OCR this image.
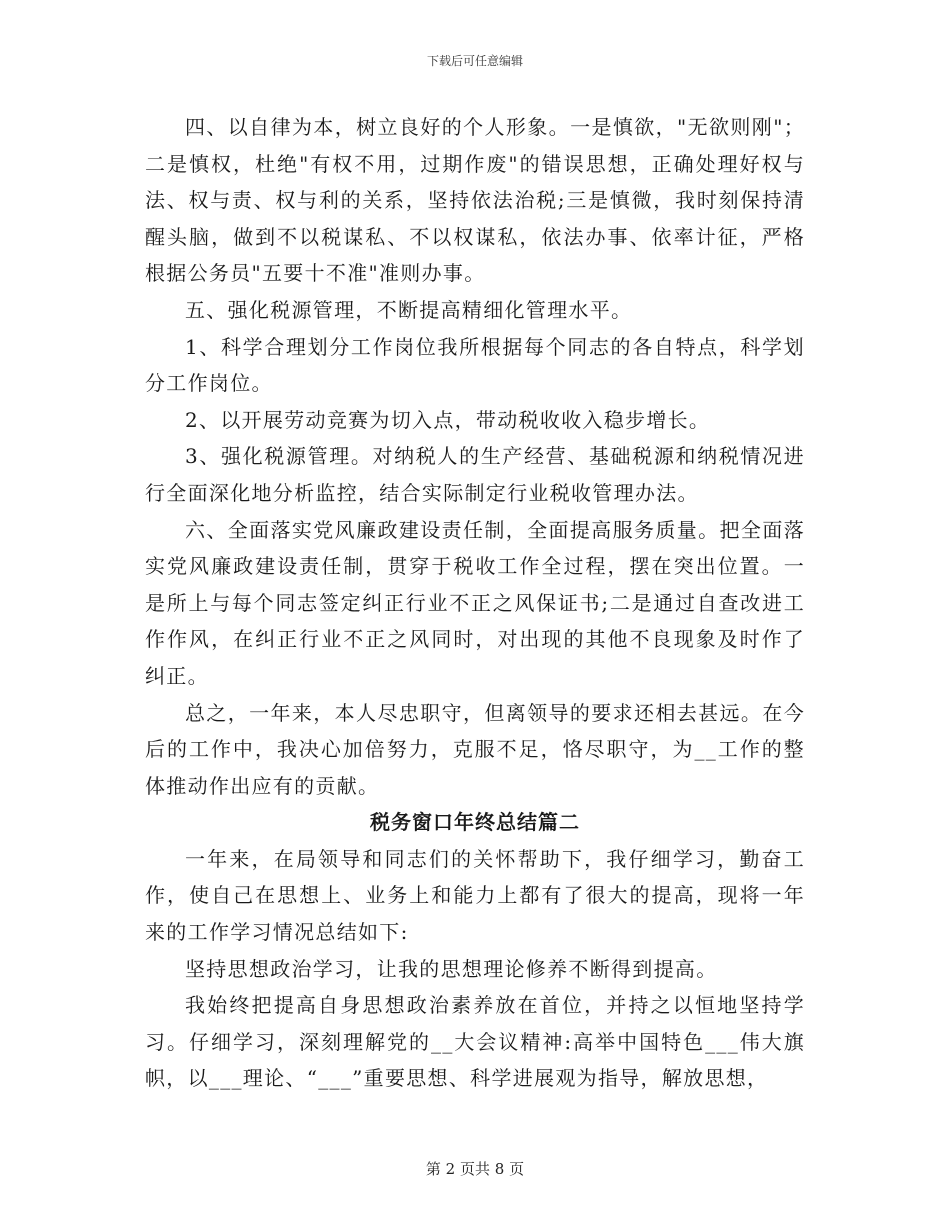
下载后可任意编辑

四、以自律为本，树立良好的个人形象。一是慎欲，"无欲则刚"；二是慎权，杜绝"有权不用，过期作废"的错误思想，正确处理好权与法、权与责、权与利的关系，坚持依法治税;三是慎微，我时刻保持清醒头脑，做到不以税谋私、不以权谋私，依法办事、依率计征，严格根据公务员"五要十不准"准则办事。

五、强化税源管理，不断提高精细化管理水平。

1、科学合理划分工作岗位我所根据每个同志的各自特点，科学划分工作岗位。

2、以开展劳动竞赛为切入点，带动税收收入稳步增长。

3、强化税源管理。对纳税人的生产经营、基础税源和纳税情况进行全面深化地分析监控，结合实际制定行业税收管理办法。

六、全面落实党风廉政建设责任制，全面提高服务质量。把全面落实党风廉政建设责任制，贯穿于税收工作全过程，摆在突出位置。一是所上与每个同志签定纠正行业不正之风保证书;二是通过自查改进工作作风，在纠正行业不正之风同时，对出现的其他不良现象及时作了纠正。

总之，一年来，本人尽忠职守，但离领导的要求还相去甚远。在今后的工作中，我决心加倍努力，克服不足，恪尽职守，为__工作的整体推动作出应有的贡献。

税务窗口年终总结篇二

一年来，在局领导和同志们的关怀帮助下，我仔细学习，勤奋工作，使自己在思想上、业务上和能力上都有了很大的提高，现将一年来的工作学习情况总结如下:

坚持思想政治学习，让我的思想理论修养不断得到提高。

我始终把提高自身思想政治素养放在首位，并持之以恒地坚持学习。仔细学习，深刻理解党的__大会议精神:高举中国特色___伟大旗帜，以___理论、“___”重要思想、科学进展观为指导，解放思想，

第 2 页共 8 页
